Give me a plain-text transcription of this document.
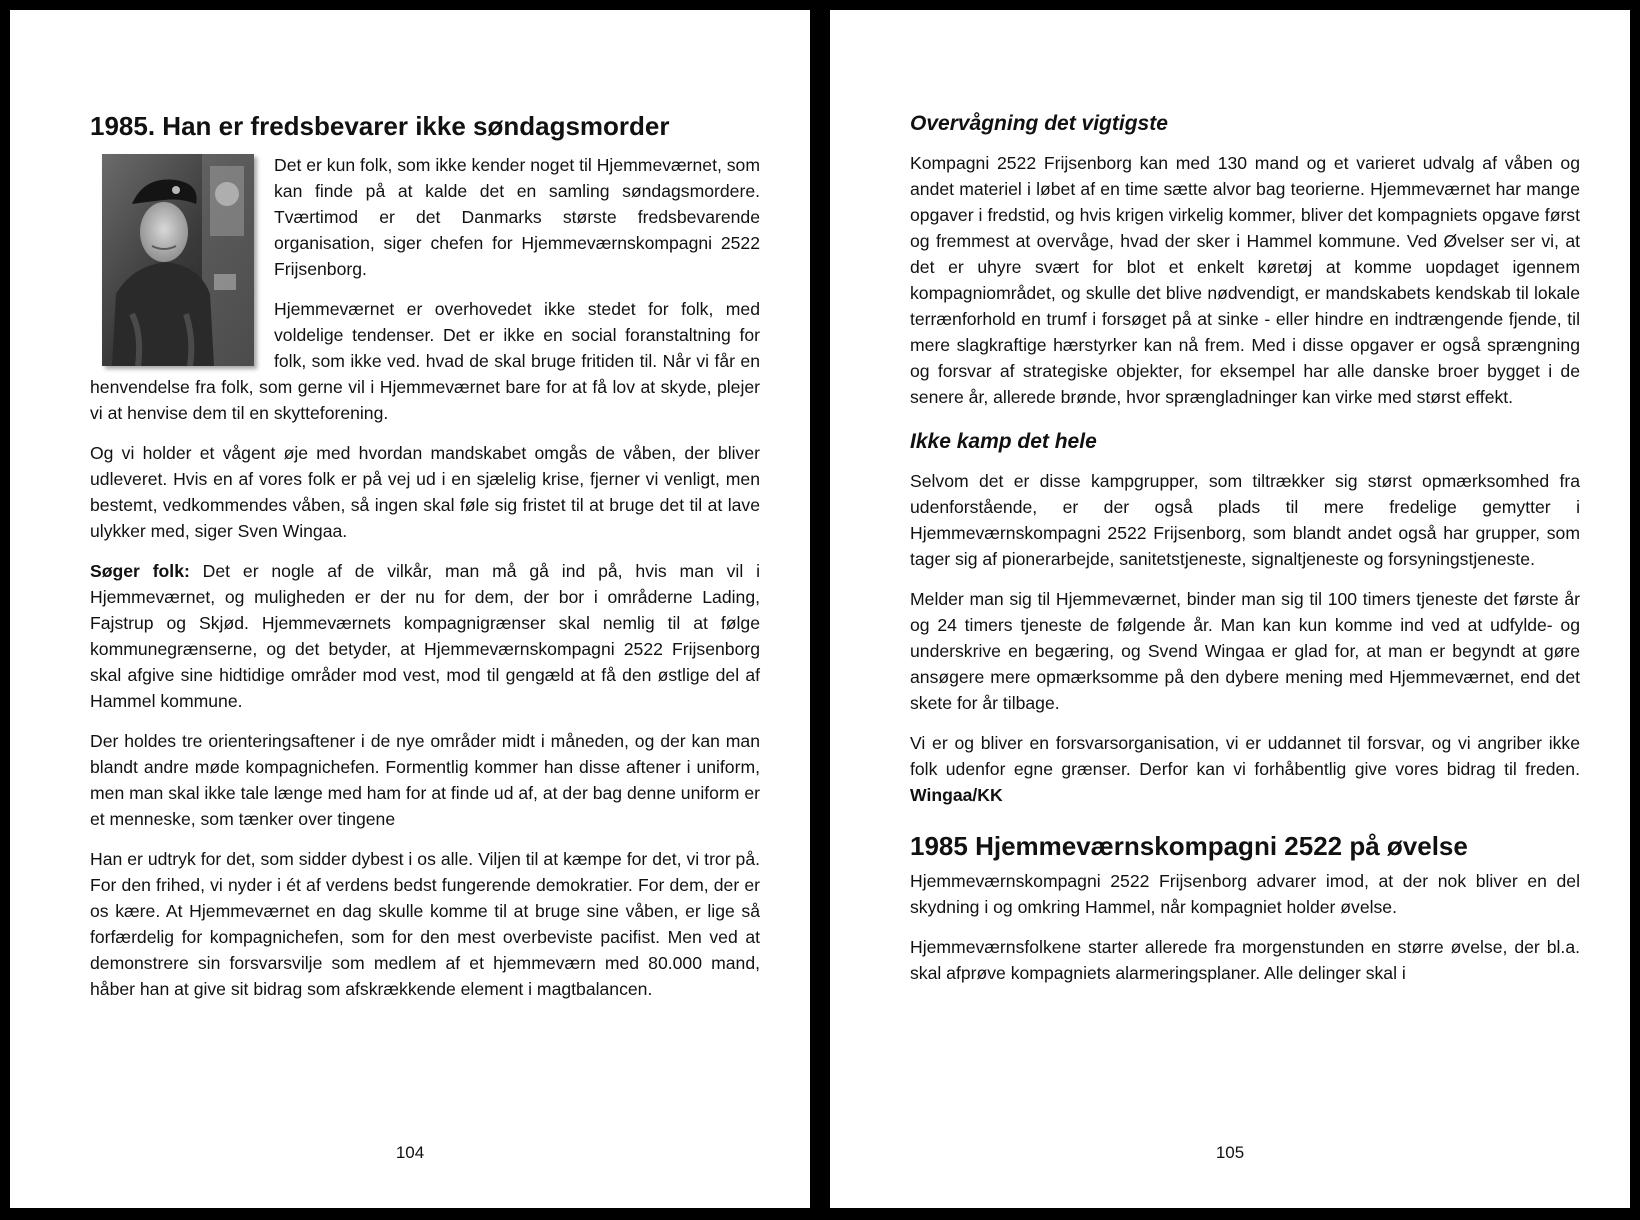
1985. Han er fredsbevarer ikke søndagsmorder

Det er kun folk, som ikke kender noget til Hjemmeværnet, som kan finde på at kalde det en samling søndagsmordere. Tværtimod er det Danmarks største fredsbevarende organisation, siger chefen for Hjemmeværnskompagni 2522 Frijsenborg.

Hjemmeværnet er overhovedet ikke stedet for folk, med voldelige tendenser. Det er ikke en social foranstaltning for folk, som ikke ved. hvad de skal bruge fritiden til. Når vi får en henvendelse fra folk, som gerne vil i Hjemmeværnet bare for at få lov at skyde, plejer vi at henvise dem til en skytteforening.

Og vi holder et vågent øje med hvordan mandskabet omgås de våben, der bliver udleveret. Hvis en af vores folk er på vej ud i en sjælelig krise, fjerner vi venligt, men bestemt, vedkommendes våben, så ingen skal føle sig fristet til at bruge det til at lave ulykker med, siger Sven Wingaa.

Søger folk: Det er nogle af de vilkår, man må gå ind på, hvis man vil i Hjemmeværnet, og muligheden er der nu for dem, der bor i områderne Lading, Fajstrup og Skjød. Hjemmeværnets kompagnigrænser skal nemlig til at følge kommunegrænserne, og det betyder, at Hjemmeværnskompagni 2522 Frijsenborg skal afgive sine hidtidige områder mod vest, mod til gengæld at få den østlige del af Hammel kommune.

Der holdes tre orienteringsaftener i de nye områder midt i måneden, og der kan man blandt andre møde kompagnichefen. Formentlig kommer han disse aftener i uniform, men man skal ikke tale længe med ham for at finde ud af, at der bag denne uniform er et menneske, som tænker over tingene

Han er udtryk for det, som sidder dybest i os alle. Viljen til at kæmpe for det, vi tror på. For den frihed, vi nyder i ét af verdens bedst fungerende demokratier. For dem, der er os kære. At Hjemmeværnet en dag skulle komme til at bruge sine våben, er lige så forfærdelig for kompagnichefen, som for den mest overbeviste pacifist. Men ved at demonstrere sin forsvarsvilje som medlem af et hjemmeværn med 80.000 mand, håber han at give sit bidrag som afskrækkende element i magtbalancen.

104
Overvågning det vigtigste

Kompagni 2522 Frijsenborg kan med 130 mand og et varieret udvalg af våben og andet materiel i løbet af en time sætte alvor bag teorierne. Hjemmeværnet har mange opgaver i fredstid, og hvis krigen virkelig kommer, bliver det kompagniets opgave først og fremmest at overvåge, hvad der sker i Hammel kommune. Ved Øvelser ser vi, at det er uhyre svært for blot et enkelt køretøj at komme uopdaget igennem kompagniområdet, og skulle det blive nødvendigt, er mandskabets kendskab til lokale terrænforhold en trumf i forsøget på at sinke - eller hindre en indtrængende fjende, til mere slagkraftige hærstyrker kan nå frem. Med i disse opgaver er også sprængning og forsvar af strategiske objekter, for eksempel har alle danske broer bygget i de senere år, allerede brønde, hvor sprængladninger kan virke med størst effekt.

Ikke kamp det hele

Selvom det er disse kampgrupper, som tiltrækker sig størst opmærksomhed fra udenforstående, er der også plads til mere fredelige gemytter i Hjemmeværnskompagni 2522 Frijsenborg, som blandt andet også har grupper, som tager sig af pionerarbejde, sanitetstjeneste, signaltjeneste og forsyningstjeneste.

Melder man sig til Hjemmeværnet, binder man sig til 100 timers tjeneste det første år og 24 timers tjeneste de følgende år. Man kan kun komme ind ved at udfylde- og underskrive en begæring, og Svend Wingaa er glad for, at man er begyndt at gøre ansøgere mere opmærksomme på den dybere mening med Hjemmeværnet, end det skete for år tilbage.

Vi er og bliver en forsvarsorganisation, vi er uddannet til forsvar, og vi angriber ikke folk udenfor egne grænser. Derfor kan vi forhåbentlig give vores bidrag til freden. Wingaa/KK

1985 Hjemmeværnskompagni 2522 på øvelse

Hjemmeværnskompagni 2522 Frijsenborg advarer imod, at der nok bliver en del skydning i og omkring Hammel, når kompagniet holder øvelse.

Hjemmeværnsfolkene starter allerede fra morgenstunden en større øvelse, der bl.a. skal afprøve kompagniets alarmeringsplaner. Alle delinger skal i

105
